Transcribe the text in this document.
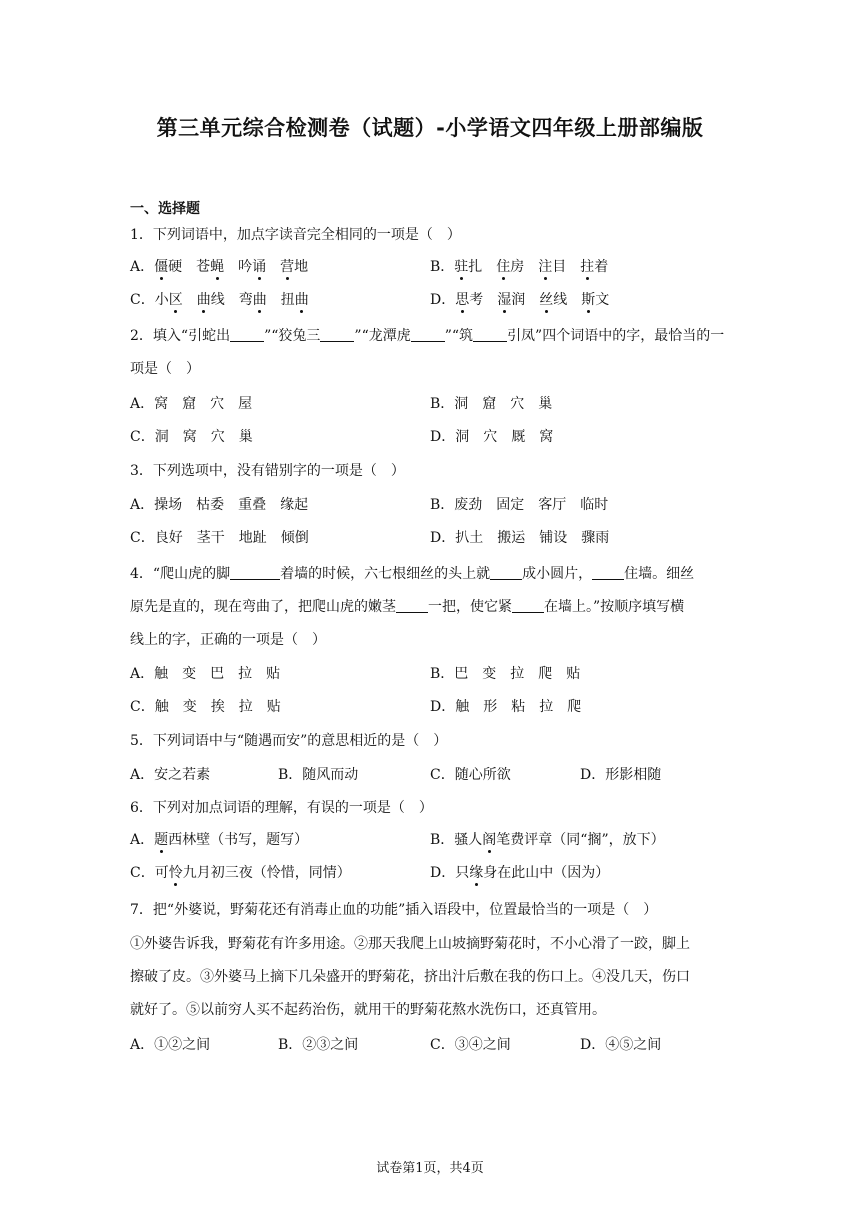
第三单元综合检测卷（试题）-小学语文四年级上册部编版
一、选择题
1．下列词语中，加点字读音完全相同的一项是（　）
A．僵硬　 苍蝇　 吟诵　 营地	B．驻扎　 住房　 注目　 拄着
C．小区　 曲线　 弯曲　 扭曲	D．思考　 湿润　 丝线　 斯文
2．填入“引蛇出 ”“狡兔三 ”“龙潭虎 ”“筑 引凤”四个词语中的字，最恰当的一
项是（　）
A．窝　窟　穴　屋	B．洞　窟　穴　巢
C．洞　窝　穴　巢	D．洞　穴　厩　窝
3．下列选项中，没有错别字的一项是（　）
A．操场　枯委　重叠　缘起	B．废劲　固定　客厅　临时
C．良好　茎干　地趾　倾倒	D．扒土　搬运　铺设　骤雨
4．“爬山虎的脚	着墙的时候，六七根细丝的头上就 成小圆片， 住墙。细丝
原先是直的，现在弯曲了，把爬山虎的嫩茎 一把，使它紧 在墙上。”按顺序填写横
线上的字，正确的一项是（　）
A．触　变　巴　拉　贴	B．巴　变　拉　爬　贴
C．触　变　挨　拉　贴	D．触　形　粘　拉　爬
5．下列词语中与“随遇而安”的意思相近的是（　）
A．安之若素	B．随风而动	C．随心所欲	D．形影相随
6．下列对加点词语的理解，有误的一项是（　）
A．题西林壁（书写，题写）	B．骚人阁笔费评章（同“搁”，放下）
C．可怜九月初三夜（怜惜，同情）	D．只缘身在此山中（因为）
7．把“外婆说，野菊花还有消毒止血的功能”插入语段中，位置最恰当的一项是（　）
①外婆告诉我，野菊花有许多用途。②那天我爬上山坡摘野菊花时，不小心滑了一跤，脚上
擦破了皮。③外婆马上摘下几朵盛开的野菊花，挤出汁后敷在我的伤口上。④没几天，伤口
就好了。⑤以前穷人买不起药治伤，就用干的野菊花熬水洗伤口，还真管用。
A．①②之间	B．②③之间	C．③④之间	D．④⑤之间
试卷第1页，共4页
